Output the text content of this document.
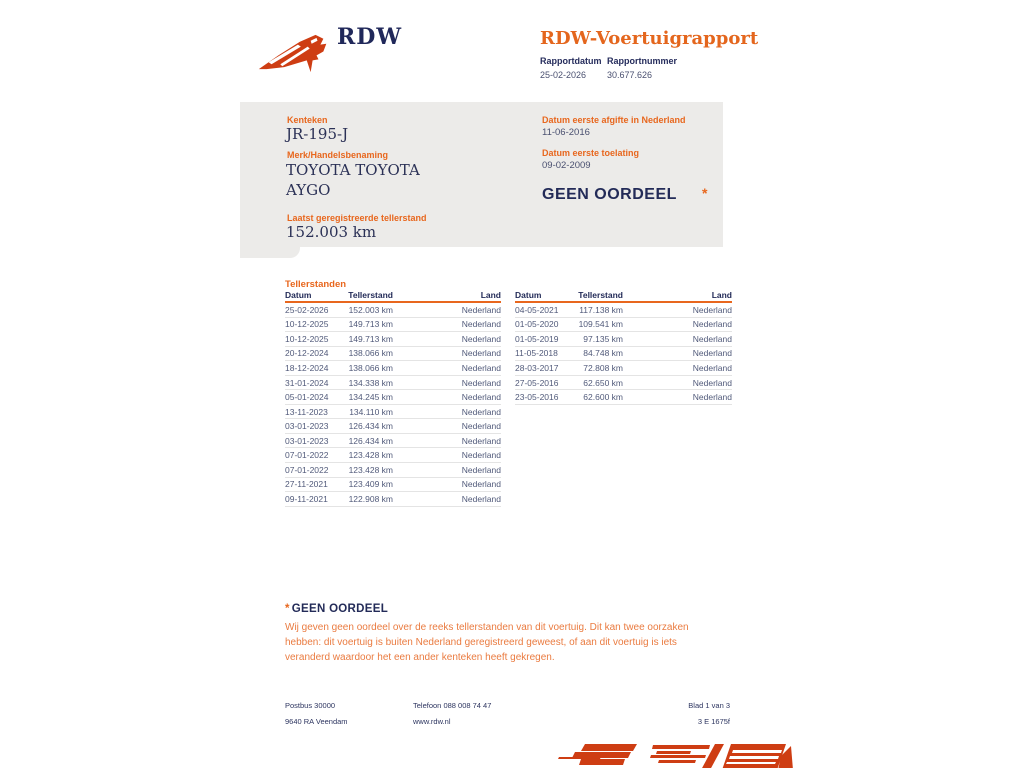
RDW	RDW-Voertuigrapport
Rapportdatum
25-02-2026
Rapportnummer
30.677.626
Kenteken
JR-195-J
Merk/Handelsbenaming
TOYOTA TOYOTA AYGO
Laatst geregistreerde tellerstand
152.003 km
Datum eerste afgifte in Nederland
11-06-2016
Datum eerste toelating
09-02-2009
GEEN OORDEEL *
Tellerstanden
Datum	Tellerstand	Land
25-02-2026	152.003 km	Nederland
10-12-2025	149.713 km	Nederland
10-12-2025	149.713 km	Nederland
20-12-2024	138.066 km	Nederland
18-12-2024	138.066 km	Nederland
31-01-2024	134.338 km	Nederland
05-01-2024	134.245 km	Nederland
13-11-2023	134.110 km	Nederland
03-01-2023	126.434 km	Nederland
03-01-2023	126.434 km	Nederland
07-01-2022	123.428 km	Nederland
07-01-2022	123.428 km	Nederland
27-11-2021	123.409 km	Nederland
09-11-2021	122.908 km	Nederland
Datum	Tellerstand	Land
04-05-2021	117.138 km	Nederland
01-05-2020	109.541 km	Nederland
01-05-2019	97.135 km	Nederland
11-05-2018	84.748 km	Nederland
28-03-2017	72.808 km	Nederland
27-05-2016	62.650 km	Nederland
23-05-2016	62.600 km	Nederland
* GEEN OORDEEL
Wij geven geen oordeel over de reeks tellerstanden van dit voertuig. Dit kan twee oorzaken hebben: dit voertuig is buiten Nederland geregistreerd geweest, of aan dit voertuig is iets veranderd waardoor het een ander kenteken heeft gekregen.
Postbus 30000
9640 RA Veendam
Telefoon 088 008 74 47
www.rdw.nl
Blad 1 van 3
3 E 1675f
